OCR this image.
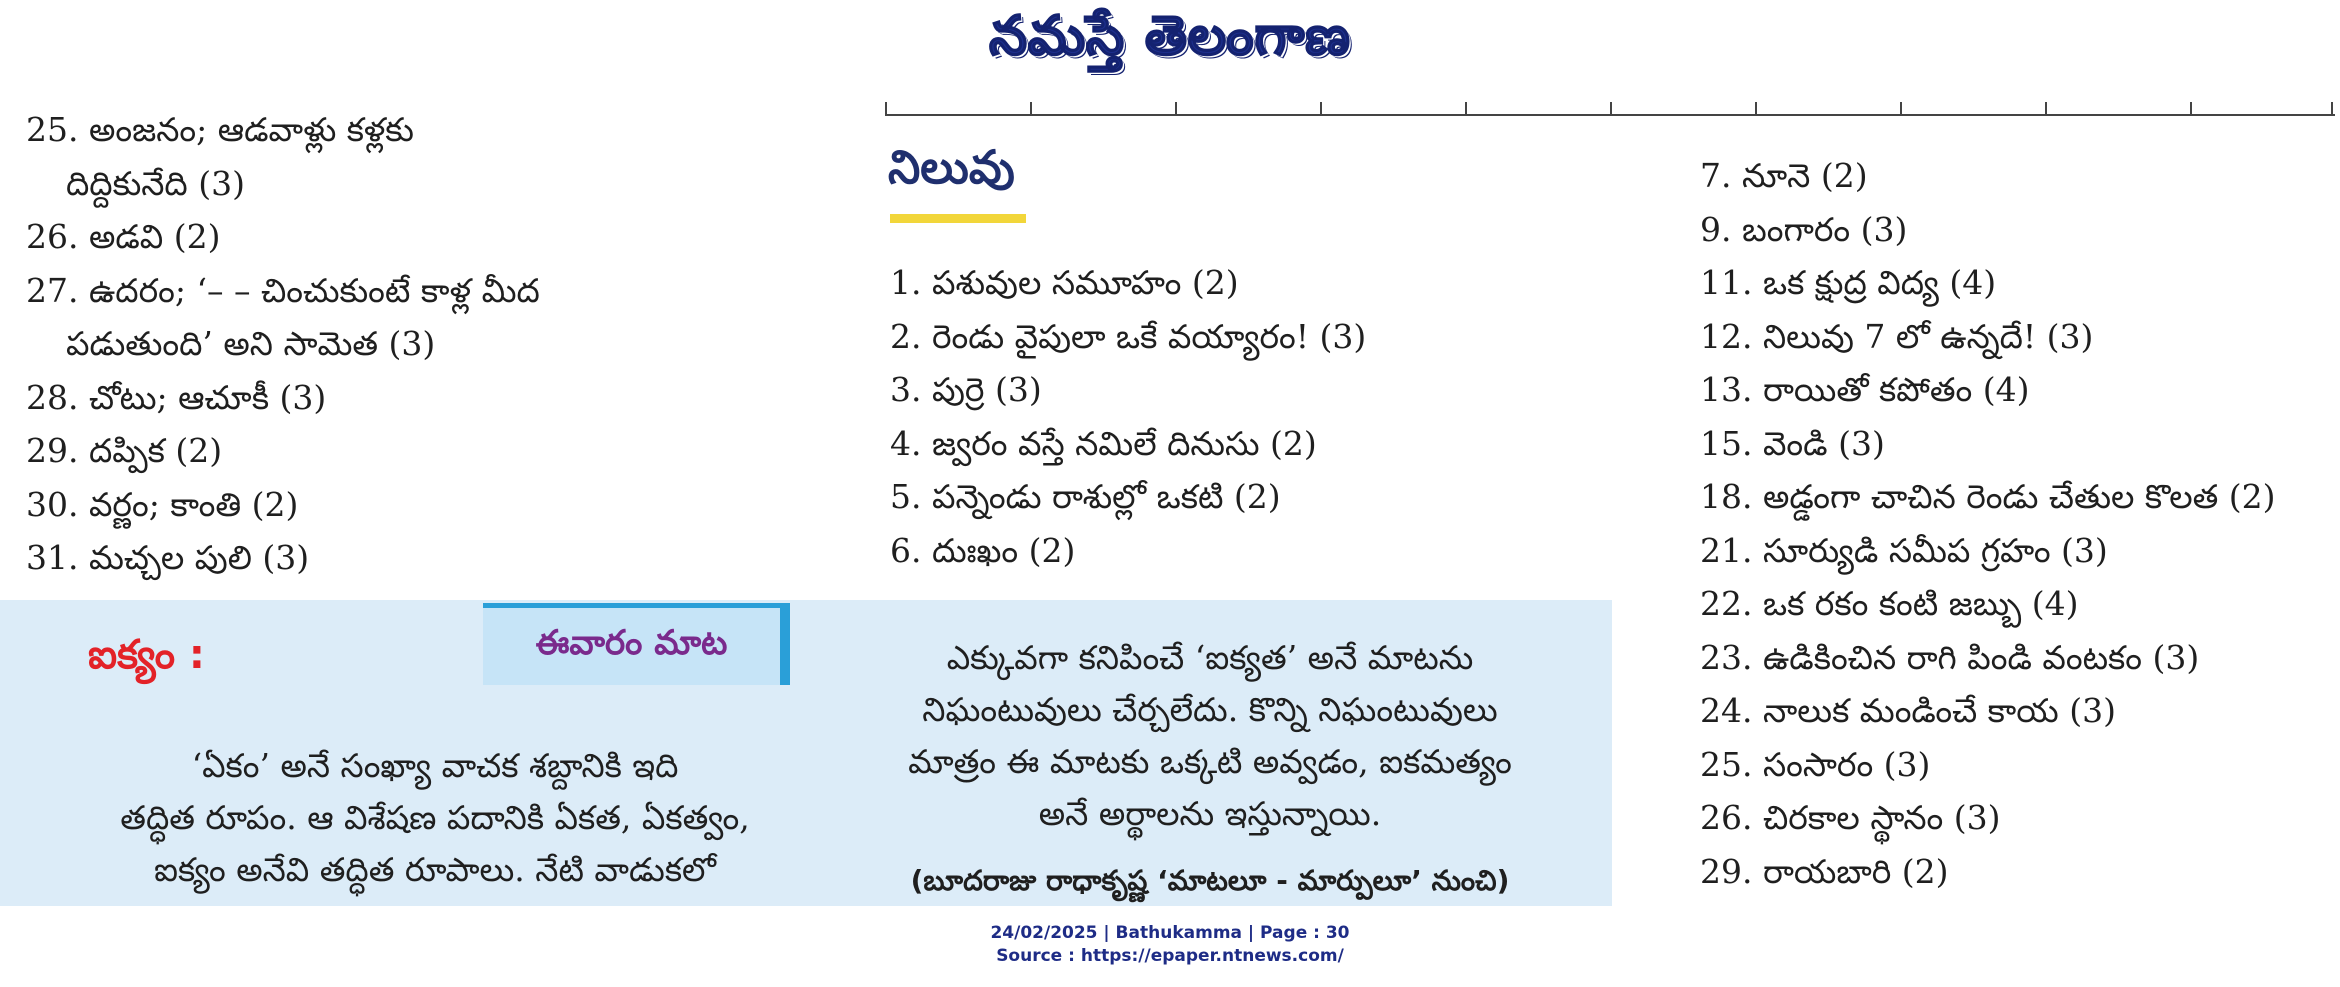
నమస్తే తెలంగాణ
25. అంజనం; ఆడవాళ్లు కళ్లకు
దిద్దికునేది (3)
26. అడవి (2)
27. ఉదరం; ‘– – చించుకుంటే కాళ్ల మీద
పడుతుంది’ అని సామెత (3)
28. చోటు; ఆచూకీ (3)
29. దప్పిక (2)
30. వర్ణం; కాంతి (2)
31. మచ్చల పులి (3)
నిలువు
1. పశువుల సమూహం (2)
2. రెండు వైపులా ఒకే వయ్యారం! (3)
3. పుర్రె (3)
4. జ్వరం వస్తే నమిలే దినుసు (2)
5. పన్నెండు రాశుల్లో ఒకటి (2)
6. దుఃఖం (2)
7. నూనె (2)
9. బంగారం (3)
11. ఒక క్షుద్ర విద్య (4)
12. నిలువు 7 లో ఉన్నదే! (3)
13. రాయితో కపోతం (4)
15. వెండి (3)
18. అడ్డంగా చాచిన రెండు చేతుల కొలత (2)
21. సూర్యుడి సమీప గ్రహం (3)
22. ఒక రకం కంటి జబ్బు (4)
23. ఉడికించిన రాగి పిండి వంటకం (3)
24. నాలుక మండించే కాయ (3)
25. సంసారం (3)
26. చిరకాల స్థానం (3)
29. రాయబారి (2)
ఐక్యం :	ఈవారం మాట
‘ఏకం’ అనే సంఖ్యా వాచక శబ్దానికి ఇది
తద్ధిత రూపం. ఆ విశేషణ పదానికి ఏకత, ఏకత్వం,
ఐక్యం అనేవి తద్ధిత రూపాలు. నేటి వాడుకలో
ఎక్కువగా కనిపించే ‘ఐక్యత’ అనే మాటను
నిఘంటువులు చేర్చలేదు. కొన్ని నిఘంటువులు
మాత్రం ఈ మాటకు ఒక్కటి అవ్వడం, ఐకమత్యం
అనే అర్థాలను ఇస్తున్నాయి.
(బూదరాజు రాధాకృష్ణ ‘మాటలూ - మార్పులూ’ నుంచి)
24/02/2025 | Bathukamma | Page : 30
Source : https://epaper.ntnews.com/
